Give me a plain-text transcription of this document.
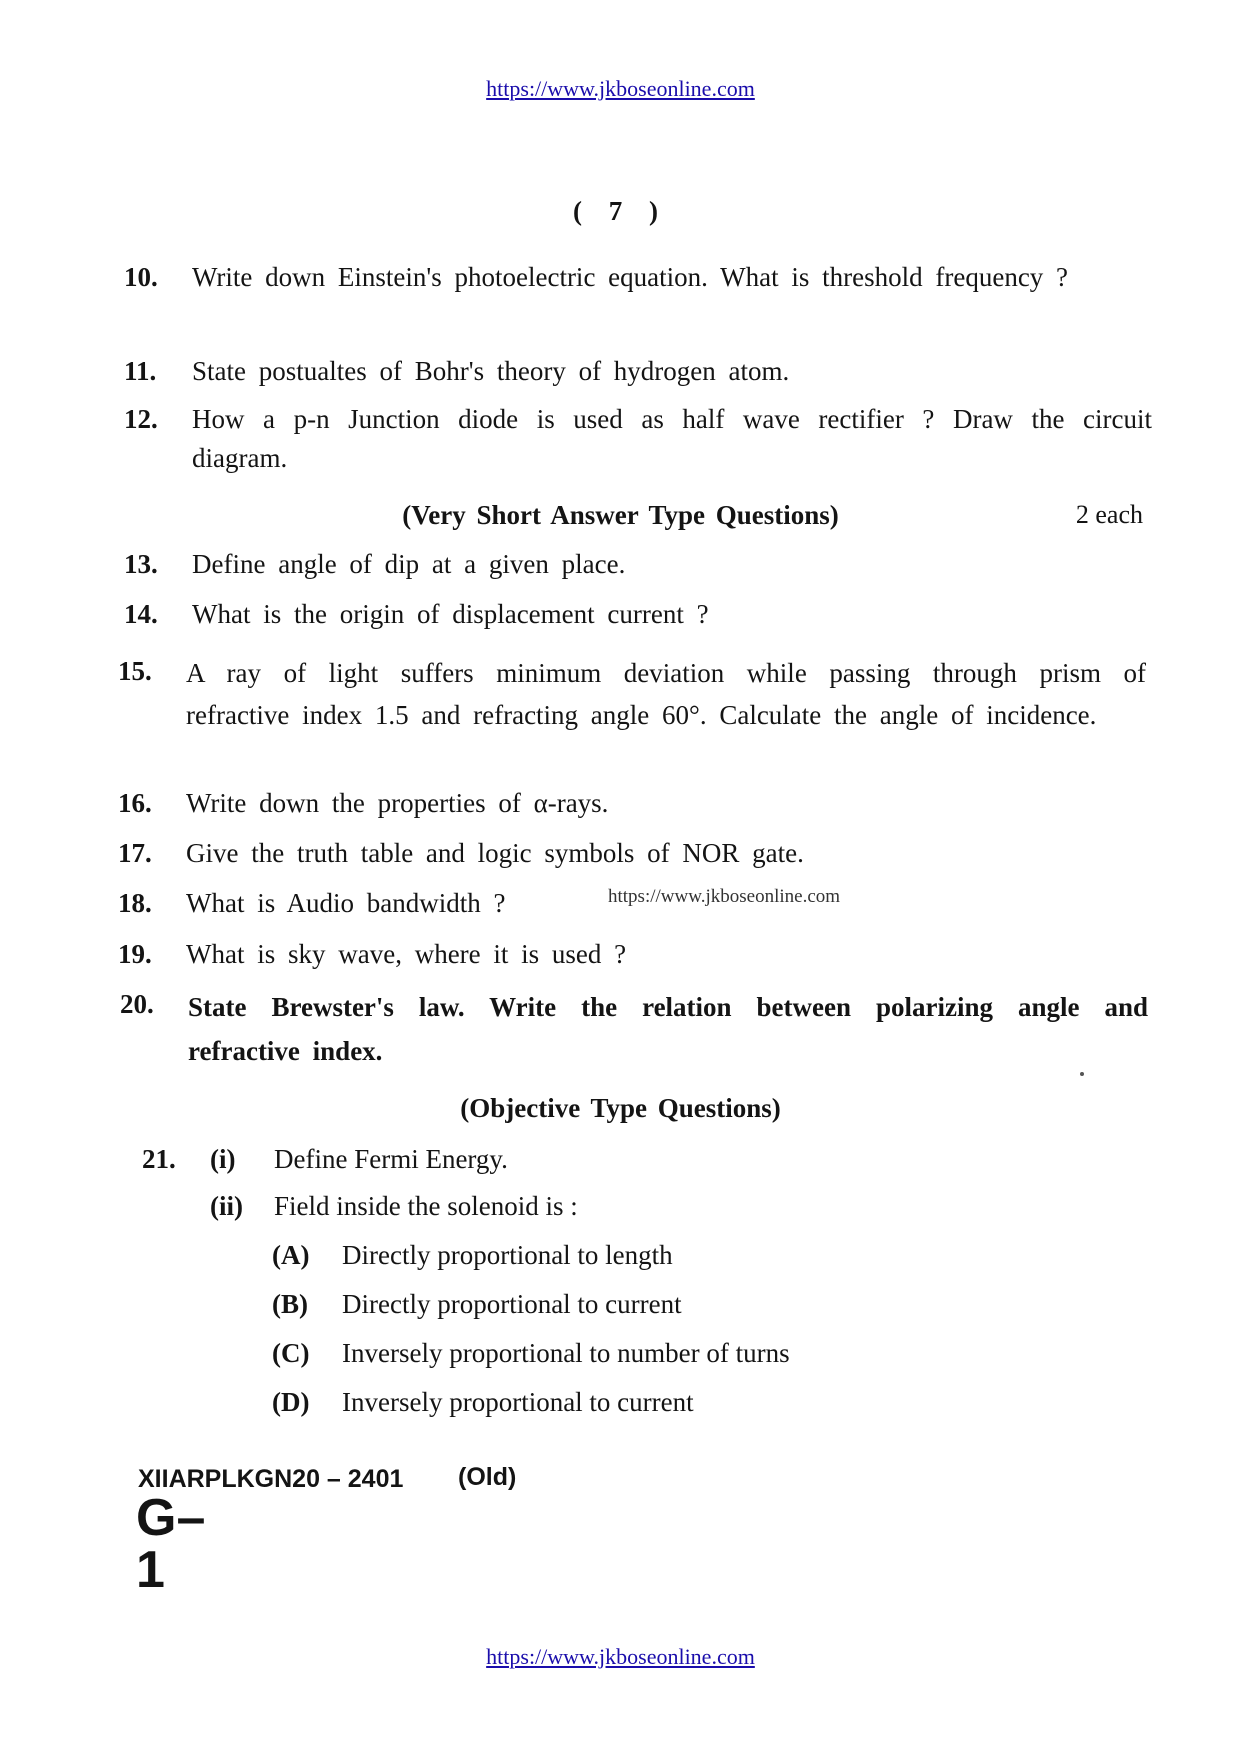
https://www.jkboseonline.com
( 7 )
10.	Write down Einstein's photoelectric equation. What is threshold frequency ?
11.	State postualtes of Bohr's theory of hydrogen atom.
12.	How a p-n Junction diode is used as half wave rectifier ? Draw the circuit diagram.
(Very Short Answer Type Questions)	2 each
13.	Define angle of dip at a given place.
14.	What is the origin of displacement current ?
15.	A ray of light suffers minimum deviation while passing through prism of refractive index 1.5 and refracting angle 60°. Calculate the angle of incidence.
16.	Write down the properties of α-rays.
17.	Give the truth table and logic symbols of NOR gate.
18.	What is Audio bandwidth ?	https://www.jkboseonline.com
19.	What is sky wave, where it is used ?
20.	State Brewster's law. Write the relation between polarizing angle and refractive index.
(Objective Type Questions)
21.	(i) Define Fermi Energy.
(ii) Field inside the solenoid is :
(A) Directly proportional to length
(B) Directly proportional to current
(C) Inversely proportional to number of turns
(D) Inversely proportional to current
XIIARPLKGN20 – 2401 (Old)
G–1
https://www.jkboseonline.com
